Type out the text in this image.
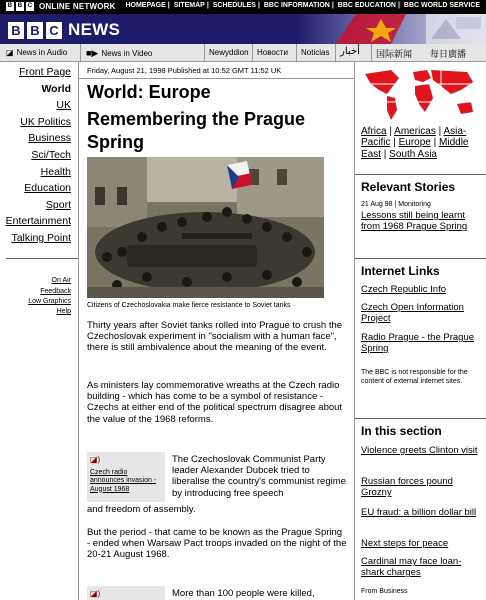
B B C ONLINE NETWORK HOMEPAGE | SITEMAP | SCHEDULES | BBC INFORMATION | BBC EDUCATION | BBC WORLD SERVICE
B B C NEWS
◪ News in Audio ■▶ News in Video	Newyddion Новости Noticias أخبار 国际新闻 每日廣播
Front Page
World
UK
UK Politics
Business
Sci/Tech
Health
Education
Sport
Entertainment
Talking Point
On Air
Feedback
Low Graphics
Help
Friday, August 21, 1998 Published at 10:52 GMT 11:52 UK
World: Europe
Remembering the Prague Spring
Citizens of Czechoslovakia make fierce resistance to Soviet tanks

Thirty years after Soviet tanks rolled into Prague to crush the Czechoslovak experiment in "socialism with a human face", there is still ambivalence about the meaning of the event.

As ministers lay commemorative wreaths at the Czech radio building - which has come to be a symbol of resistance - Czechs at either end of the political spectrum disagree about the value of the 1968 reforms.

◪)
Czech radio announces invasion - August 1968
The Czechoslovak Communist Party leader Alexander Dubcek tried to liberalise the country's communist regime by introducing free speech

and freedom of assembly.

But the period - that came to be known as the Prague Spring - ended when Warsaw Pact troops invaded on the night of the 20-21 August 1968.

◪)	More than 100 people were killed,
Africa | Americas | Asia-Pacific | Europe | Middle East | South Asia
Relevant Stories
21 Aug 98 | Monitoring
Lessons still being learnt from 1968 Prague Spring
Internet Links
Czech Republic Info
Czech Open Information Project
Radio Prague - the Prague Spring
The BBC is not responsible for the content of external internet sites.
In this section
Violence greets Clinton visit
Russian forces pound Grozny
EU fraud: a billion dollar bill
Next steps for peace
Cardinal may face loan-shark charges
From Business
